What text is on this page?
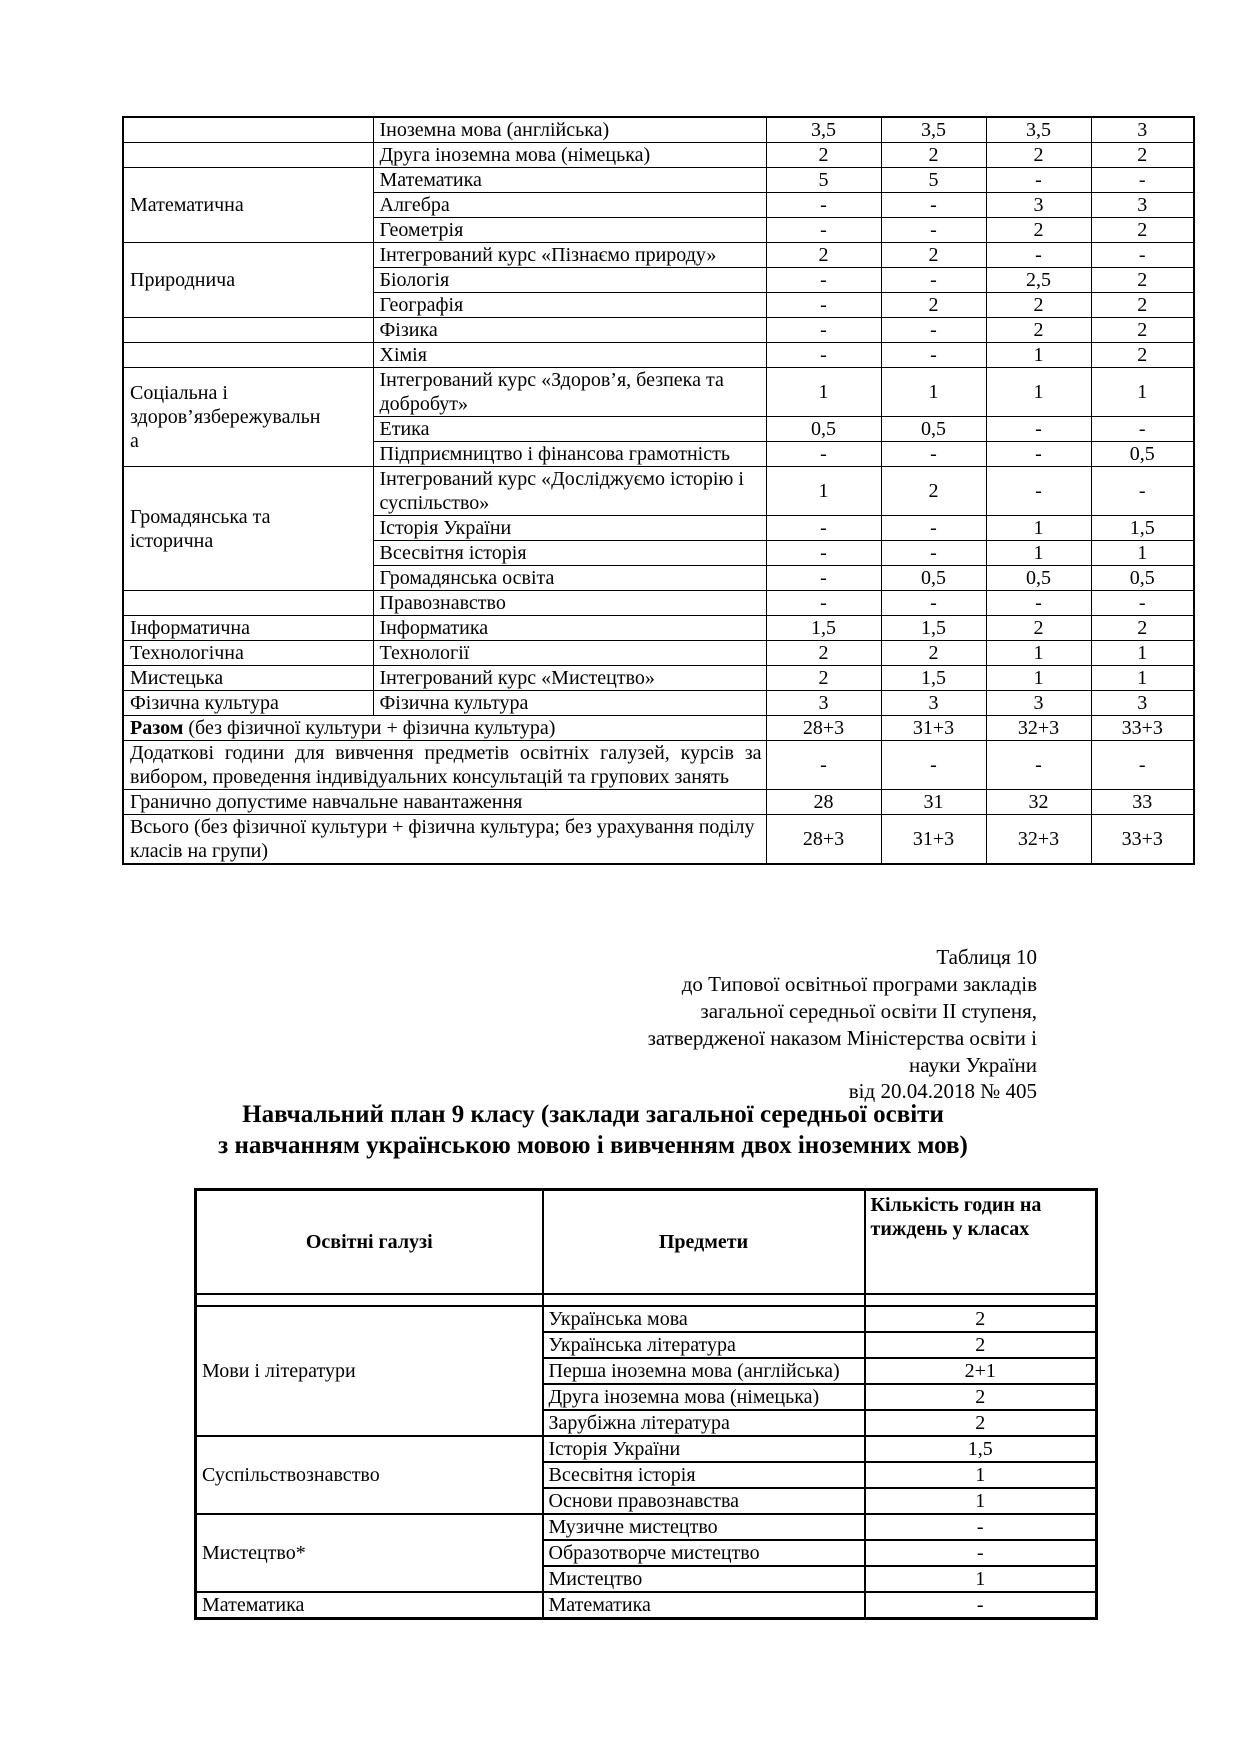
	Іноземна мова (англійська)	3,5	3,5	3,5	3
	Друга іноземна мова (німецька)	2	2	2	2
Математична	Математика	5	5	-	-
	Алгебра	-	-	3	3
	Геометрія	-	-	2	2
Природнича	Інтегрований курс «Пізнаємо природу»	2	2	-	-
	Біологія	-	-	2,5	2
	Географія	-	2	2	2
	Фізика	-	-	2	2
	Хімія	-	-	1	2
Соціальна і здоров’язбережувальна	Інтегрований курс «Здоров’я, безпека та добробут»	1	1	1	1
	Етика	0,5	0,5	-	-
	Підприємництво і фінансова грамотність	-	-	-	0,5
Громадянська та історична	Інтегрований курс «Досліджуємо історію і суспільство»	1	2	-	-
	Історія України	-	-	1	1,5
	Всесвітня історія	-	-	1	1
	Громадянська освіта	-	0,5	0,5	0,5
	Правознавство	-	-	-	-
Інформатична	Інформатика	1,5	1,5	2	2
Технологічна	Технології	2	2	1	1
Мистецька	Інтегрований курс «Мистецтво»	2	1,5	1	1
Фізична культура	Фізична культура	3	3	3	3
Разом (без фізичної культури + фізична культура)		28+3	31+3	32+3	33+3
Додаткові години для вивчення предметів освітніх галузей, курсів за вибором, проведення індивідуальних консультацій та групових занять		-	-	-	-
Гранично допустиме навчальне навантаження		28	31	32	33
Всього (без фізичної культури + фізична культура; без урахування поділу класів на групи)		28+3	31+3	32+3	33+3
Таблиця 10
до Типової освітньої програми закладів
загальної середньої освіти ІІ ступеня,
затвердженої наказом Міністерства освіти і
науки України
від 20.04.2018 № 405
Навчальний план 9 класу (заклади загальної середньої освіти
з навчанням українською мовою і вивченням двох іноземних мов)
Освітні галузі	Предмети	Кількість годин на тиждень у класах

Мови і літератури	Українська мова	2
	Українська література	2
	Перша іноземна мова (англійська)	2+1
	Друга іноземна мова (німецька)	2
	Зарубіжна література	2
Суспільствознавство	Історія України	1,5
	Всесвітня історія	1
	Основи правознавства	1
Мистецтво*	Музичне мистецтво	-
	Образотворче мистецтво	-
	Мистецтво	1
Математика	Математика	-
